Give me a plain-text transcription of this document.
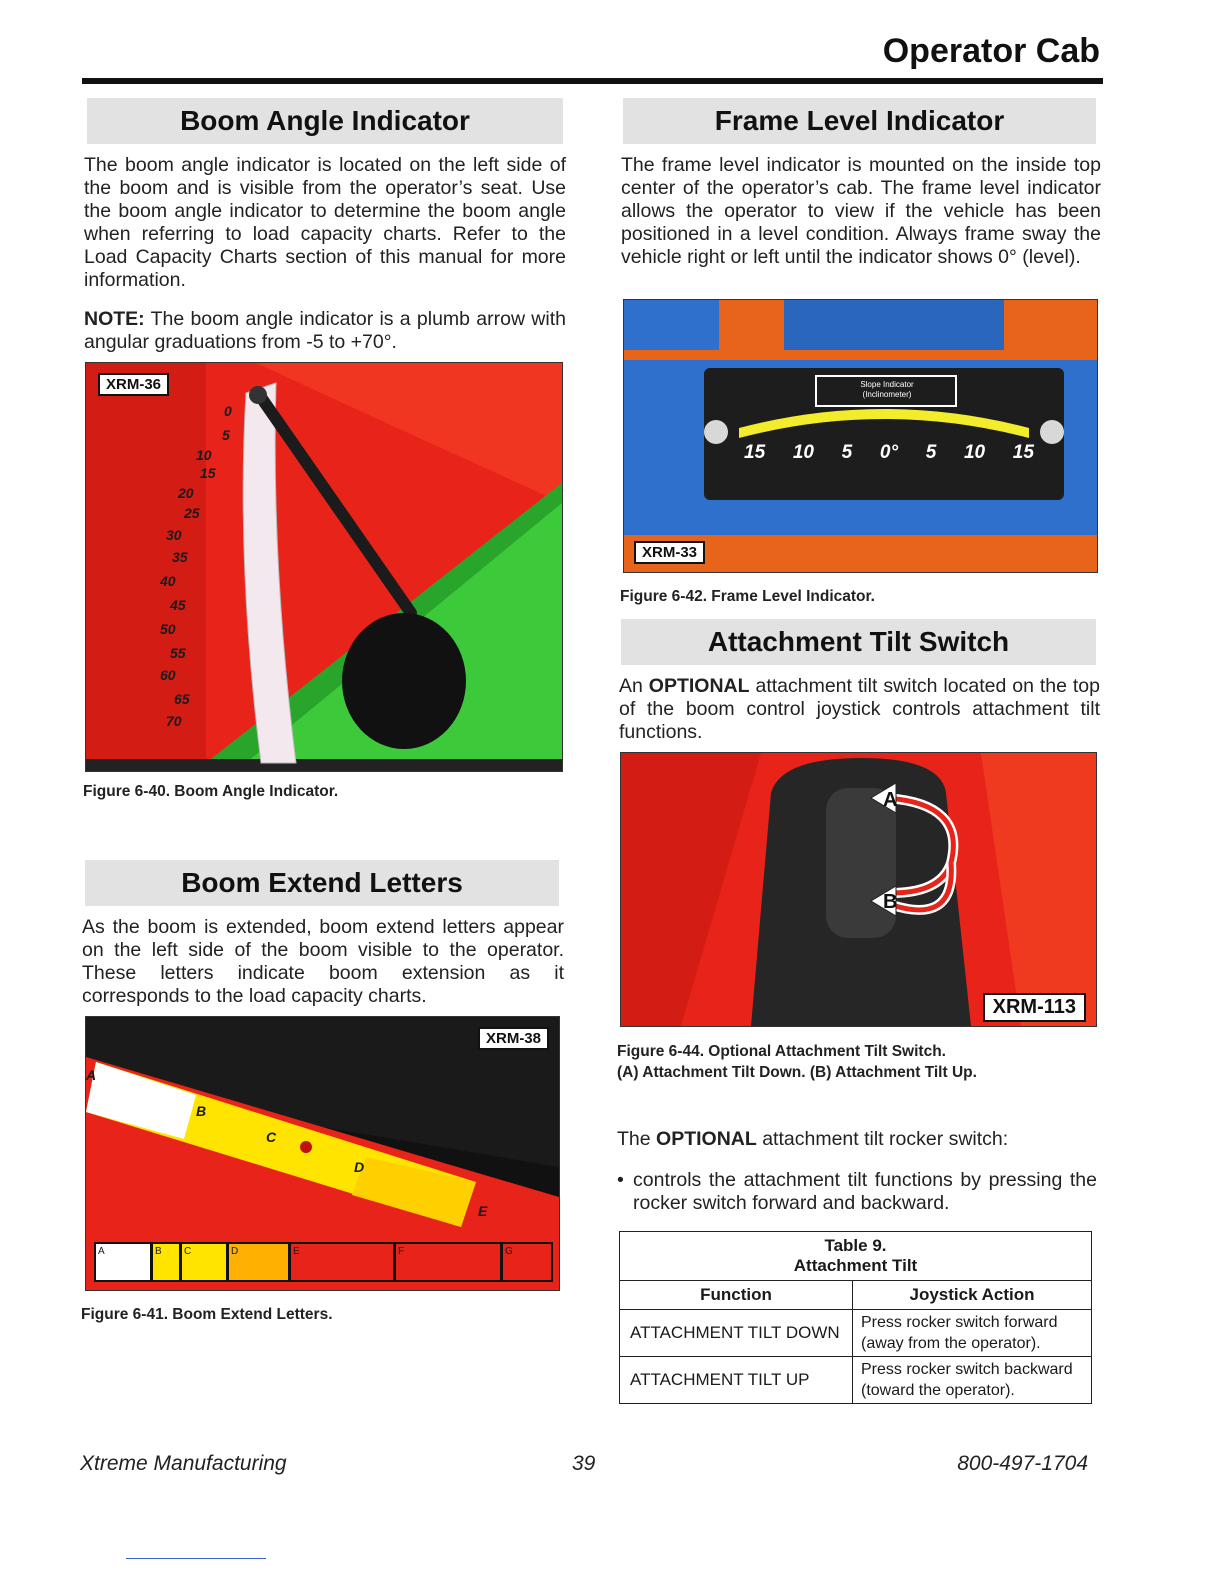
Operator Cab
Boom Angle Indicator
The boom angle indicator is located on the left side of the boom and is visible from the operator’s seat. Use the boom angle indicator to determine the boom angle when referring to load capacity charts. Refer to the Load Capacity Charts section of this manual for more information.
NOTE: The boom angle indicator is a plumb arrow with angular graduations from -5 to +70°.
XRM-36
0
5
10
15
20
25
30
35
40
45
50
55
60
65
70
Figure 6-40. Boom Angle Indicator.
Boom Extend Letters
As the boom is extended, boom extend letters appear on the left side of the boom visible to the operator. These letters indicate boom extension as it corresponds to the load capacity charts.
XRM-38
B
A
C
D
E
A	B	C	D	E	F	G
Figure 6-41. Boom Extend Letters.
Frame Level Indicator
The frame level indicator is mounted on the inside top center of the operator’s cab. The frame level indicator allows the operator to view if the vehicle has been positioned in a level condition. Always frame sway the vehicle right or left until the indicator shows 0° (level).
Slope Indicator
(Inclinometer)
15 10 5 0° 5 10 15
XRM-33
Figure 6-42. Frame Level Indicator.
Attachment Tilt Switch
An OPTIONAL attachment tilt switch located on the top of the boom control joystick controls attachment tilt functions.
A
B
XRM-113
Figure 6-44. Optional Attachment Tilt Switch.
(A) Attachment Tilt Down. (B) Attachment Tilt Up.
The OPTIONAL attachment tilt rocker switch:
• controls the attachment tilt functions by pressing the rocker switch forward and backward.
Table 9.
Attachment Tilt	

Function	Joystick Action
ATTACHMENT TILT DOWN	Press rocker switch forward
(away from the operator).

ATTACHMENT TILT UP	Press rocker switch backward
(toward the operator).
Xtreme Manufacturing	39	800-497-1704
